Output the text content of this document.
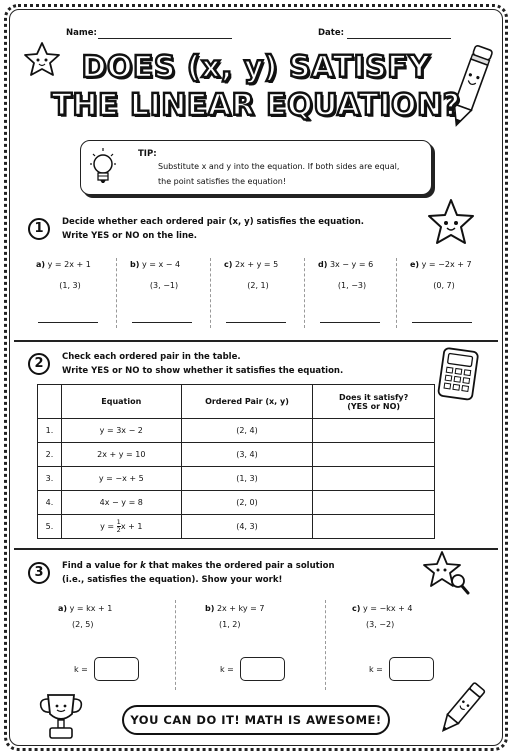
Name:	Date:
DOES (x, y) SATISFY
THE LINEAR EQUATION?
TIP:
Substitute x and y into the equation. If both sides are equal,
the point satisfies the equation!
1	Decide whether each ordered pair (x, y) satisfies the equation.
Write YES or NO on the line.
a) y = 2x + 1
(1, 3)
b) y = x − 4
(3, −1)
c) 2x + y = 5
(2, 1)
d) 3x − y = 6
(1, −3)
e) y = −2x + 7
(0, 7)
2	Check each ordered pair in the table.
Write YES or NO to show whether it satisfies the equation.
	Equation	Ordered Pair (x, y)	Does it satisfy?
(YES or NO)

1.	y = 3x − 2	(2, 4)	
2.	2x + y = 10	(3, 4)	
3.	y = −x + 5	(1, 3)	
4.	4x − y = 8	(2, 0)	
5.	$y = \frac{1}{2}$ x + 1	(4, 3)	
3	Find a value for k that makes the ordered pair a solution
(i.e., satisfies the equation). Show your work!
a) y = kx + 1
(2, 5)
k =
b) 2x + ky = 7
(1, 2)
k =
c) y = −kx + 4
(3, −2)
k =
YOU CAN DO IT! MATH IS AWESOME!
